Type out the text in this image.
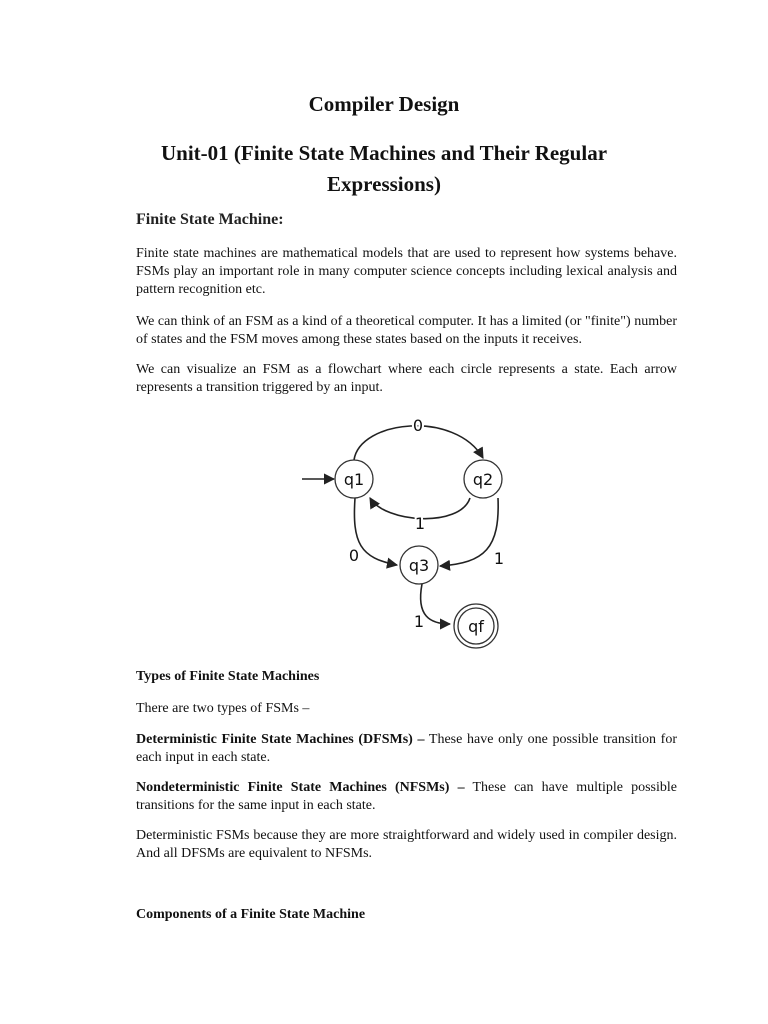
Compiler Design
Unit-01 (Finite State Machines and Their Regular Expressions)
Finite State Machine:

Finite state machines are mathematical models that are used to represent how systems behave. FSMs play an important role in many computer science concepts including lexical analysis and pattern recognition etc.

We can think of an FSM as a kind of a theoretical computer. It has a limited (or "finite") number of states and the FSM moves among these states based on the inputs it receives.

We can visualize an FSM as a flowchart where each circle represents a state. Each arrow represents a transition triggered by an input.

q1	q2
q3
qf
0
1
0	1
1
Types of Finite State Machines

There are two types of FSMs –

Deterministic Finite State Machines (DFSMs) – These have only one possible transition for each input in each state.

Nondeterministic Finite State Machines (NFSMs) – These can have multiple possible transitions for the same input in each state.

Deterministic FSMs because they are more straightforward and widely used in compiler design. And all DFSMs are equivalent to NFSMs.

Components of a Finite State Machine
